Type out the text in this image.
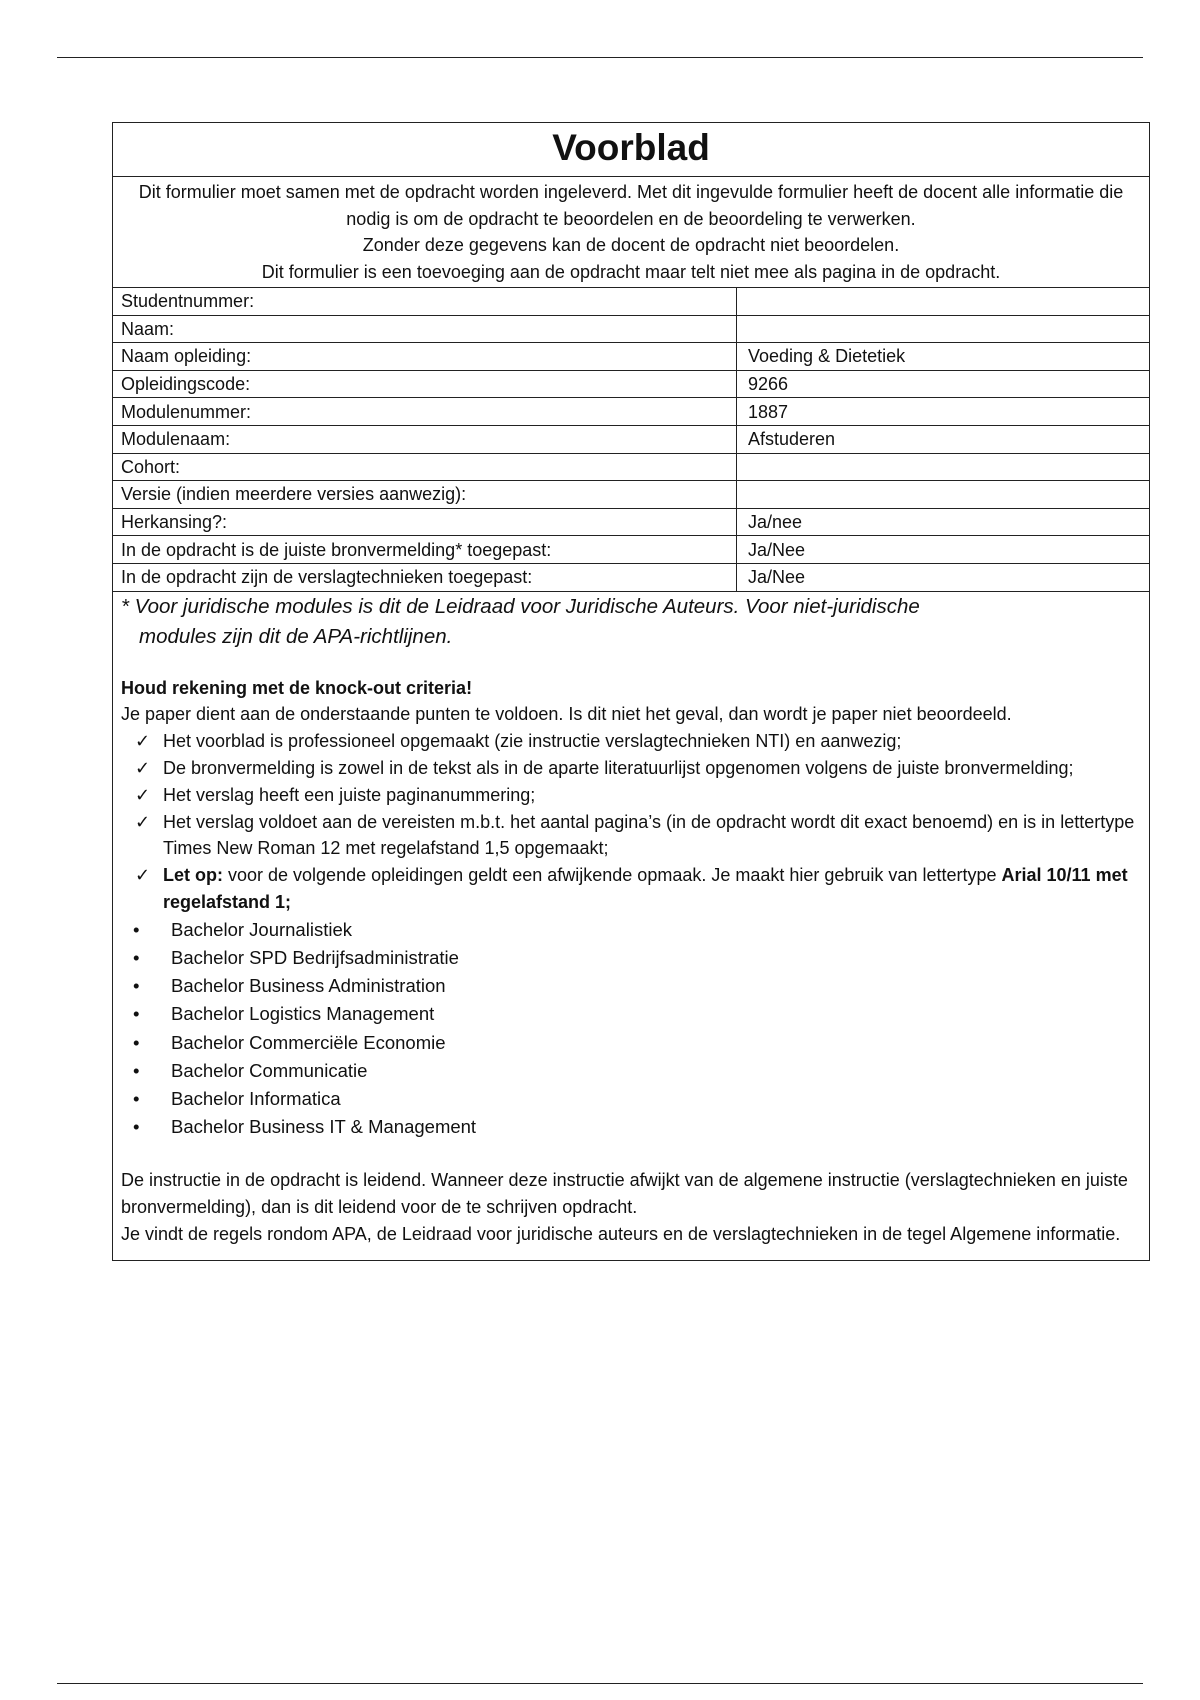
Voorblad

Dit formulier moet samen met de opdracht worden ingeleverd. Met dit ingevulde formulier heeft de docent alle informatie die nodig is om de opdracht te beoordelen en de beoordeling te verwerken.

Zonder deze gegevens kan de docent de opdracht niet beoordelen.

Dit formulier is een toevoeging aan de opdracht maar telt niet mee als pagina in de opdracht.

Studentnummer:	
Naam:	
Naam opleiding:	Voeding & Dietetiek
Opleidingscode:	9266
Modulenummer:	1887
Modulenaam:	Afstuderen
Cohort:	
Versie (indien meerdere versies aanwezig):	
Herkansing?:	Ja/nee
In de opdracht is de juiste bronvermelding* toegepast:	Ja/Nee
In de opdracht zijn de verslagtechnieken toegepast:	Ja/Nee

* Voor juridische modules is dit de Leidraad voor Juridische Auteurs. Voor niet-juridische
modules zijn dit de APA-richtlijnen.

Houd rekening met de knock-out criteria!

Je paper dient aan de onderstaande punten te voldoen. Is dit niet het geval, dan wordt je paper niet beoordeeld.

✓ Het voorblad is professioneel opgemaakt (zie instructie verslagtechnieken NTI) en aanwezig;
✓ De bronvermelding is zowel in de tekst als in de aparte literatuurlijst opgenomen volgens de juiste bronvermelding;
✓ Het verslag heeft een juiste paginanummering;
✓ Het verslag voldoet aan de vereisten m.b.t. het aantal pagina’s (in de opdracht wordt dit exact benoemd) en is in lettertype Times New Roman 12 met regelafstand 1,5 opgemaakt;
✓ Let op: voor de volgende opleidingen geldt een afwijkende opmaak. Je maakt hier gebruik van lettertype Arial 10/11 met regelafstand 1;
• Bachelor Journalistiek
• Bachelor SPD Bedrijfsadministratie
• Bachelor Business Administration
• Bachelor Logistics Management
• Bachelor Commerciële Economie
• Bachelor Communicatie
• Bachelor Informatica
• Bachelor Business IT & Management

De instructie in de opdracht is leidend. Wanneer deze instructie afwijkt van de algemene instructie (verslagtechnieken en juiste bronvermelding), dan is dit leidend voor de te schrijven opdracht.

Je vindt de regels rondom APA, de Leidraad voor juridische auteurs en de verslagtechnieken in de tegel Algemene informatie.
